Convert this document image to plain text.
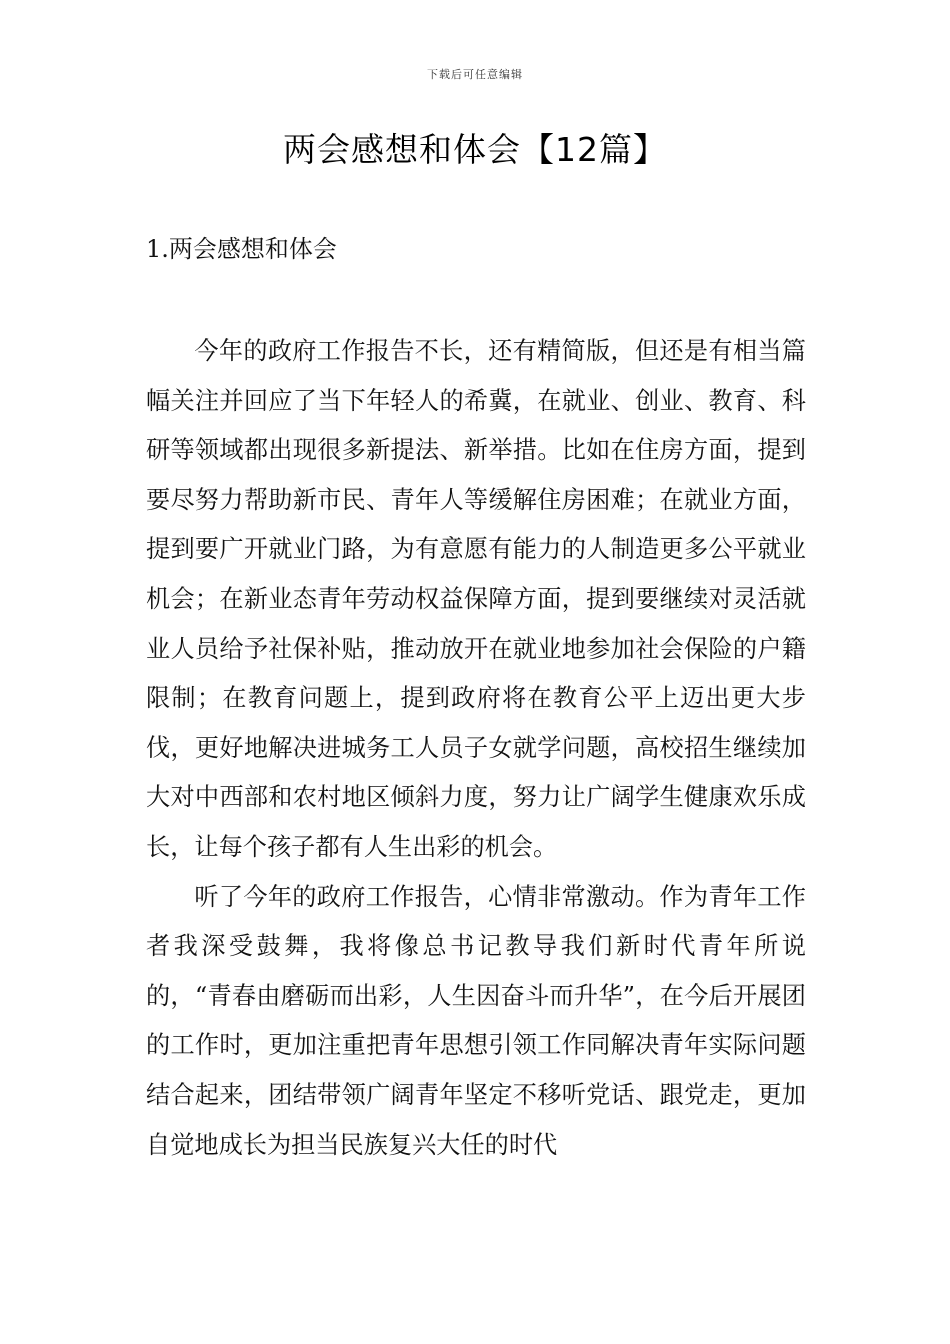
下载后可任意编辑
两会感想和体会【12篇】
1.两会感想和体会

今年的政府工作报告不长，还有精简版，但还是有相当篇幅关注并回应了当下年轻人的希冀，在就业、创业、教育、科研等领域都出现很多新提法、新举措。比如在住房方面，提到要尽努力帮助新市民、青年人等缓解住房困难；在就业方面，提到要广开就业门路，为有意愿有能力的人制造更多公平就业机会；在新业态青年劳动权益保障方面，提到要继续对灵活就业人员给予社保补贴，推动放开在就业地参加社会保险的户籍限制；在教育问题上，提到政府将在教育公平上迈出更大步伐，更好地解决进城务工人员子女就学问题，高校招生继续加大对中西部和农村地区倾斜力度，努力让广阔学生健康欢乐成长，让每个孩子都有人生出彩的机会。

听了今年的政府工作报告，心情非常激动。作为青年工作者我深受鼓舞，我将像总书记教导我们新时代青年所说的，“青春由磨砺而出彩，人生因奋斗而升华”，在今后开展团的工作时，更加注重把青年思想引领工作同解决青年实际问题结合起来，团结带领广阔青年坚定不移听党话、跟党走，更加自觉地成长为担当民族复兴大任的时代
